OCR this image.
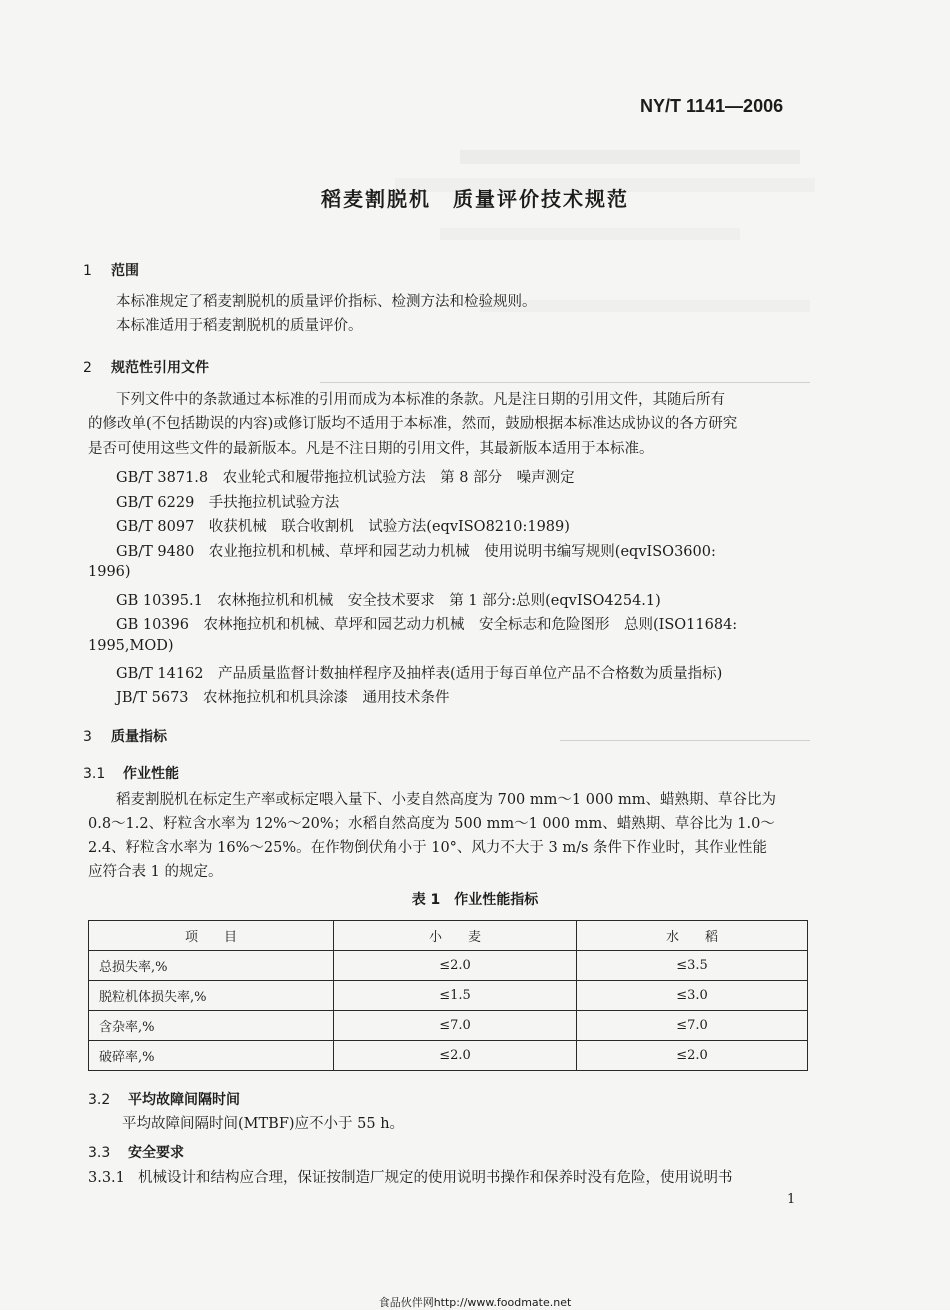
NY/T 1141—2006
稻麦割脱机　质量评价技术规范
1 范围
本标准规定了稻麦割脱机的质量评价指标、检测方法和检验规则。
本标准适用于稻麦割脱机的质量评价。
2 规范性引用文件
下列文件中的条款通过本标准的引用而成为本标准的条款。凡是注日期的引用文件，其随后所有
的修改单(不包括勘误的内容)或修订版均不适用于本标准，然而，鼓励根据本标准达成协议的各方研究
是否可使用这些文件的最新版本。凡是不注日期的引用文件，其最新版本适用于本标准。
GB/T 3871.8　农业轮式和履带拖拉机试验方法　第 8 部分　噪声测定
GB/T 6229　手扶拖拉机试验方法
GB/T 8097　收获机械　联合收割机　试验方法(eqvISO8210:1989)
GB/T 9480　农业拖拉机和机械、草坪和园艺动力机械　使用说明书编写规则(eqvISO3600:
1996)
GB 10395.1　农林拖拉机和机械　安全技术要求　第 1 部分:总则(eqvISO4254.1)
GB 10396　农林拖拉机和机械、草坪和园艺动力机械　安全标志和危险图形　总则(ISO11684:
1995,MOD)
GB/T 14162　产品质量监督计数抽样程序及抽样表(适用于每百单位产品不合格数为质量指标)
JB/T 5673　农林拖拉机和机具涂漆　通用技术条件
3 质量指标
3.1 作业性能
稻麦割脱机在标定生产率或标定喂入量下、小麦自然高度为 700 mm～1 000 mm、蜡熟期、草谷比为
0.8～1.2、籽粒含水率为 12%～20%；水稻自然高度为 500 mm～1 000 mm、蜡熟期、草谷比为 1.0～
2.4、籽粒含水率为 16%～25%。在作物倒伏角小于 10°、风力不大于 3 m/s 条件下作业时，其作业性能
应符合表 1 的规定。
表 1　作业性能指标
项　　目	小　　麦	水　　稻
总损失率,%	≤2.0	≤3.5
脱粒机体损失率,%	≤1.5	≤3.0
含杂率,%	≤7.0	≤7.0
破碎率,%	≤2.0	≤2.0
3.2 平均故障间隔时间
平均故障间隔时间(MTBF)应不小于 55 h。
3.3 安全要求
3.3.1 机械设计和结构应合理，保证按制造厂规定的使用说明书操作和保养时没有危险，使用说明书
1
食品伙伴网http://www.foodmate.net
